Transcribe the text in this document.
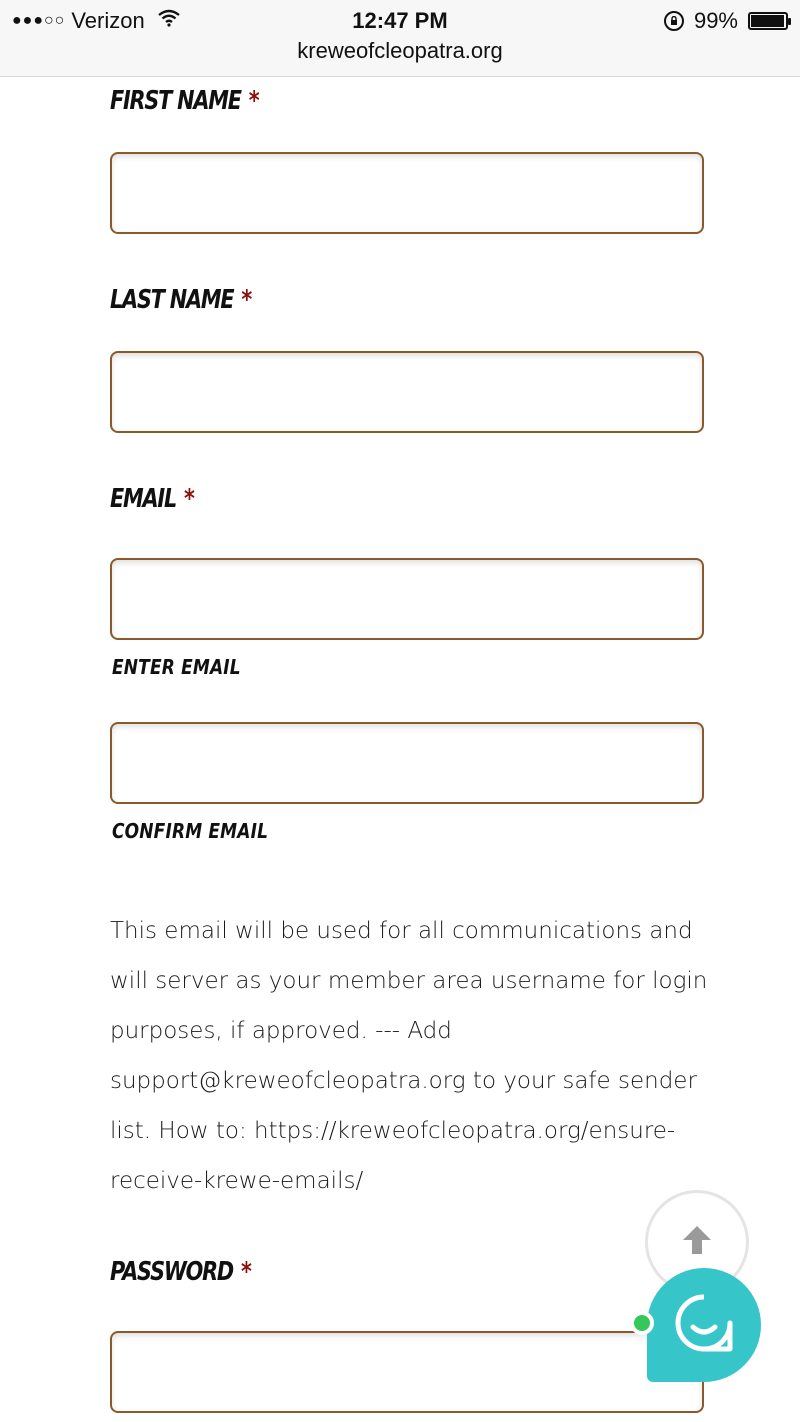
●●●○○ Verizon	12:47 PM	99%
kreweofcleopatra.org
FIRST NAME *
LAST NAME *
EMAIL *
ENTER EMAIL
CONFIRM EMAIL
This email will be used for all communications and will server as your member area username for login purposes, if approved. --- Add support@kreweofcleopatra.org to your safe sender list. How to: https://kreweofcleopatra.org/ensure-receive-krewe-emails/
PASSWORD *
